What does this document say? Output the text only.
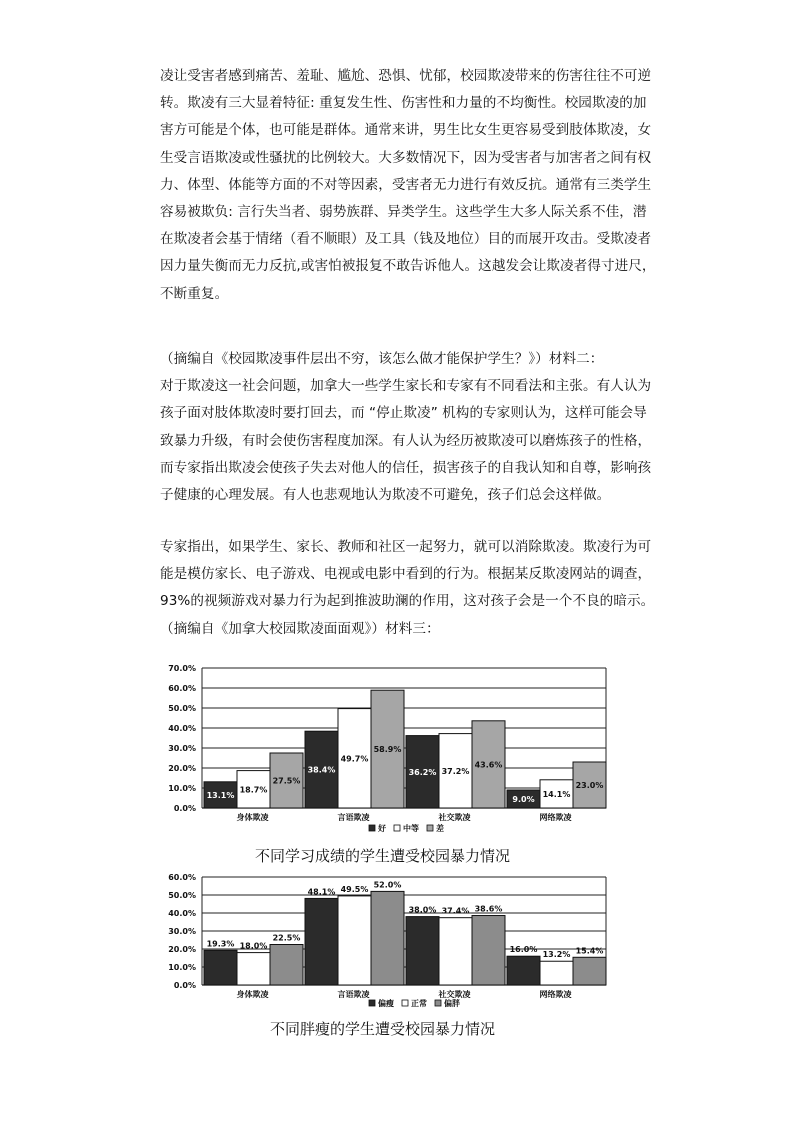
凌让受害者感到痛苦、羞耻、尴尬、恐惧、忧郁，校园欺凌带来的伤害往往不可逆
转。欺凌有三大显着特征: 重复发生性、伤害性和力量的不均衡性。校园欺凌的加
害方可能是个体，也可能是群体。通常来讲，男生比女生更容易受到肢体欺凌，女
生受言语欺凌或性骚扰的比例较大。大多数情况下，因为受害者与加害者之间有权
力、体型、体能等方面的不对等因素，受害者无力进行有效反抗。通常有三类学生
容易被欺负: 言行失当者、弱势族群、异类学生。这些学生大多人际关系不佳，潜
在欺凌者会基于情绪（看不顺眼）及工具（钱及地位）目的而展开攻击。受欺凌者
因力量失衡而无力反抗,或害怕被报复不敢告诉他人。这越发会让欺凌者得寸进尺，
不断重复。
（摘编自《校园欺凌事件层出不穷，该怎么做才能保护学生？》）材料二：
对于欺凌这一社会问题，加拿大一些学生家长和专家有不同看法和主张。有人认为
孩子面对肢体欺凌时要打回去，而 “停止欺凌” 机构的专家则认为，这样可能会导
致暴力升级，有时会使伤害程度加深。有人认为经历被欺凌可以磨炼孩子的性格，
而专家指出欺凌会使孩子失去对他人的信任，损害孩子的自我认知和自尊，影响孩
子健康的心理发展。有人也悲观地认为欺凌不可避免，孩子们总会这样做。
专家指出，如果学生、家长、教师和社区一起努力，就可以消除欺凌。欺凌行为可
能是模仿家长、电子游戏、电视或电影中看到的行为。根据某反欺凌网站的调查，
93%的视频游戏对暴力行为起到推波助澜的作用，这对孩子会是一个不良的暗示。
（摘编自《加拿大校园欺凌面面观》）材料三：
0.0%
10.0%
20.0%
30.0%
40.0%
50.0%
60.0%
70.0%
13.1%
18.7%
27.5%
身体欺凌
38.4%
49.7%
58.9%
言语欺凌
36.2% 37.2%
43.6%
社交欺凌
9.0%
14.1%
23.0%
网络欺凌
好 中等 差
不同学习成绩的学生遭受校园暴力情况
0.0%
10.0%
20.0%
30.0%
40.0%
50.0%
60.0%
19.3% 18.0%
22.5%
身体欺凌
48.1% 49.5% 52.0%
言语欺凌
38.0% 37.4% 38.6%
社交欺凌
16.0%
13.2% 15.4%
网络欺凌
偏瘦 正常 偏胖
不同胖瘦的学生遭受校园暴力情况
